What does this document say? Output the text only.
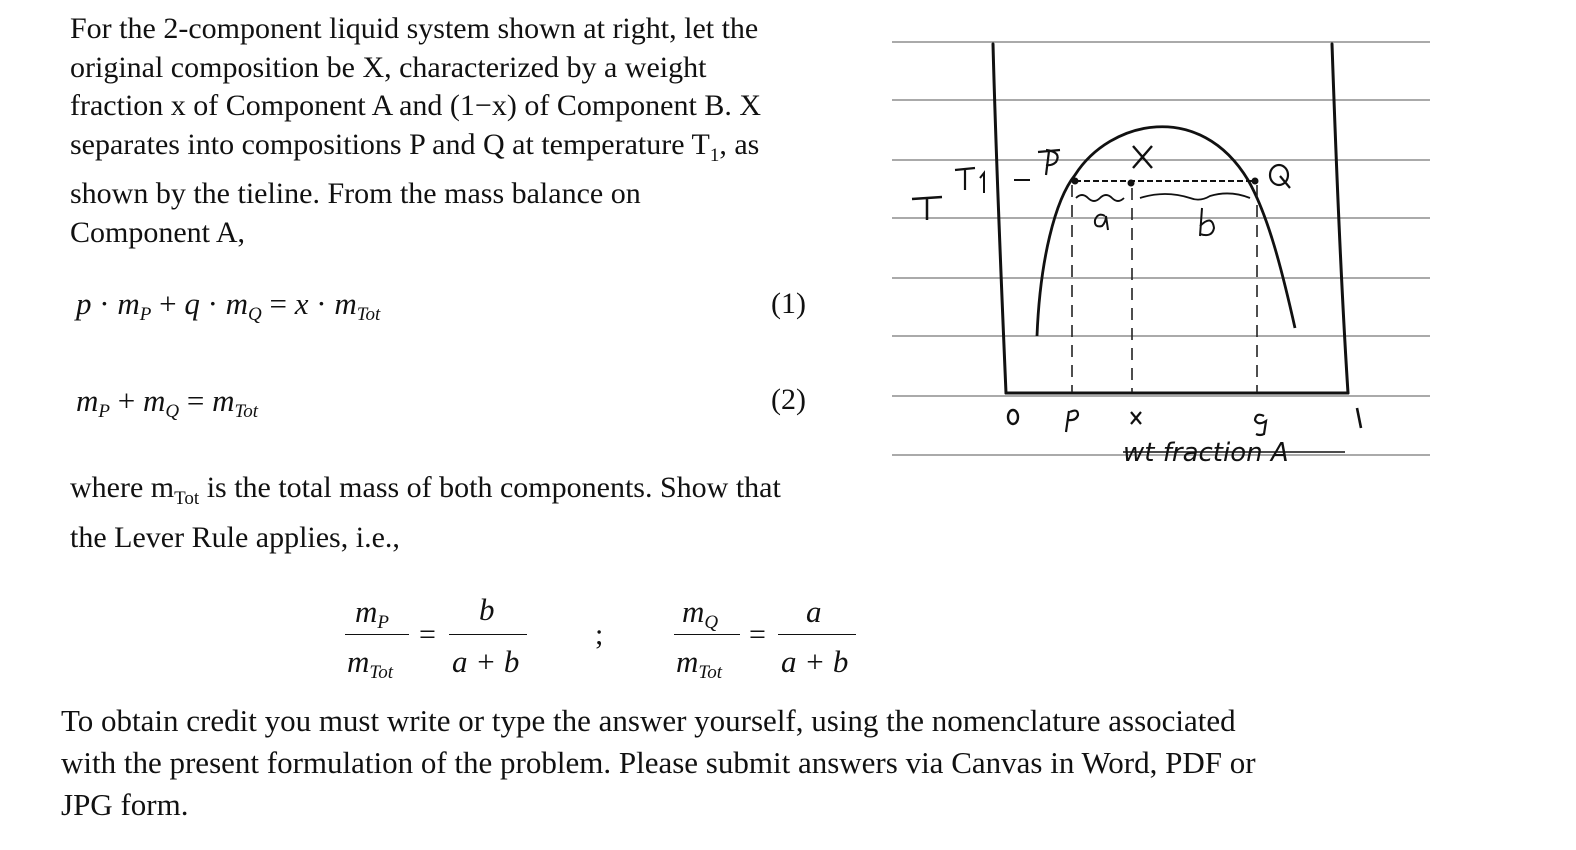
For the 2-component liquid system shown at right, let the
original composition be X, characterized by a weight
fraction x of Component A and (1−x) of Component B. X
separates into compositions P and Q at temperature $T_1$, as
shown by the tieline. From the mass balance on
Component A,
$p \cdot m_P + q \cdot m_Q = x \cdot m_{Tot}$	(1)
$m_P + m_Q = m_{Tot}$	(2)
where $m_{Tot}$ is the total mass of both components. Show that
the Lever Rule applies, i.e.,
$m_P$
$m_{Tot}$
=
b
a + b
;
$m_Q$
$m_{Tot}$
=
a
a + b
To obtain credit you must write or type the answer yourself, using the nomenclature associated
with the present formulation of the problem. Please submit answers via Canvas in Word, PDF or
JPG form.
wt fraction A
